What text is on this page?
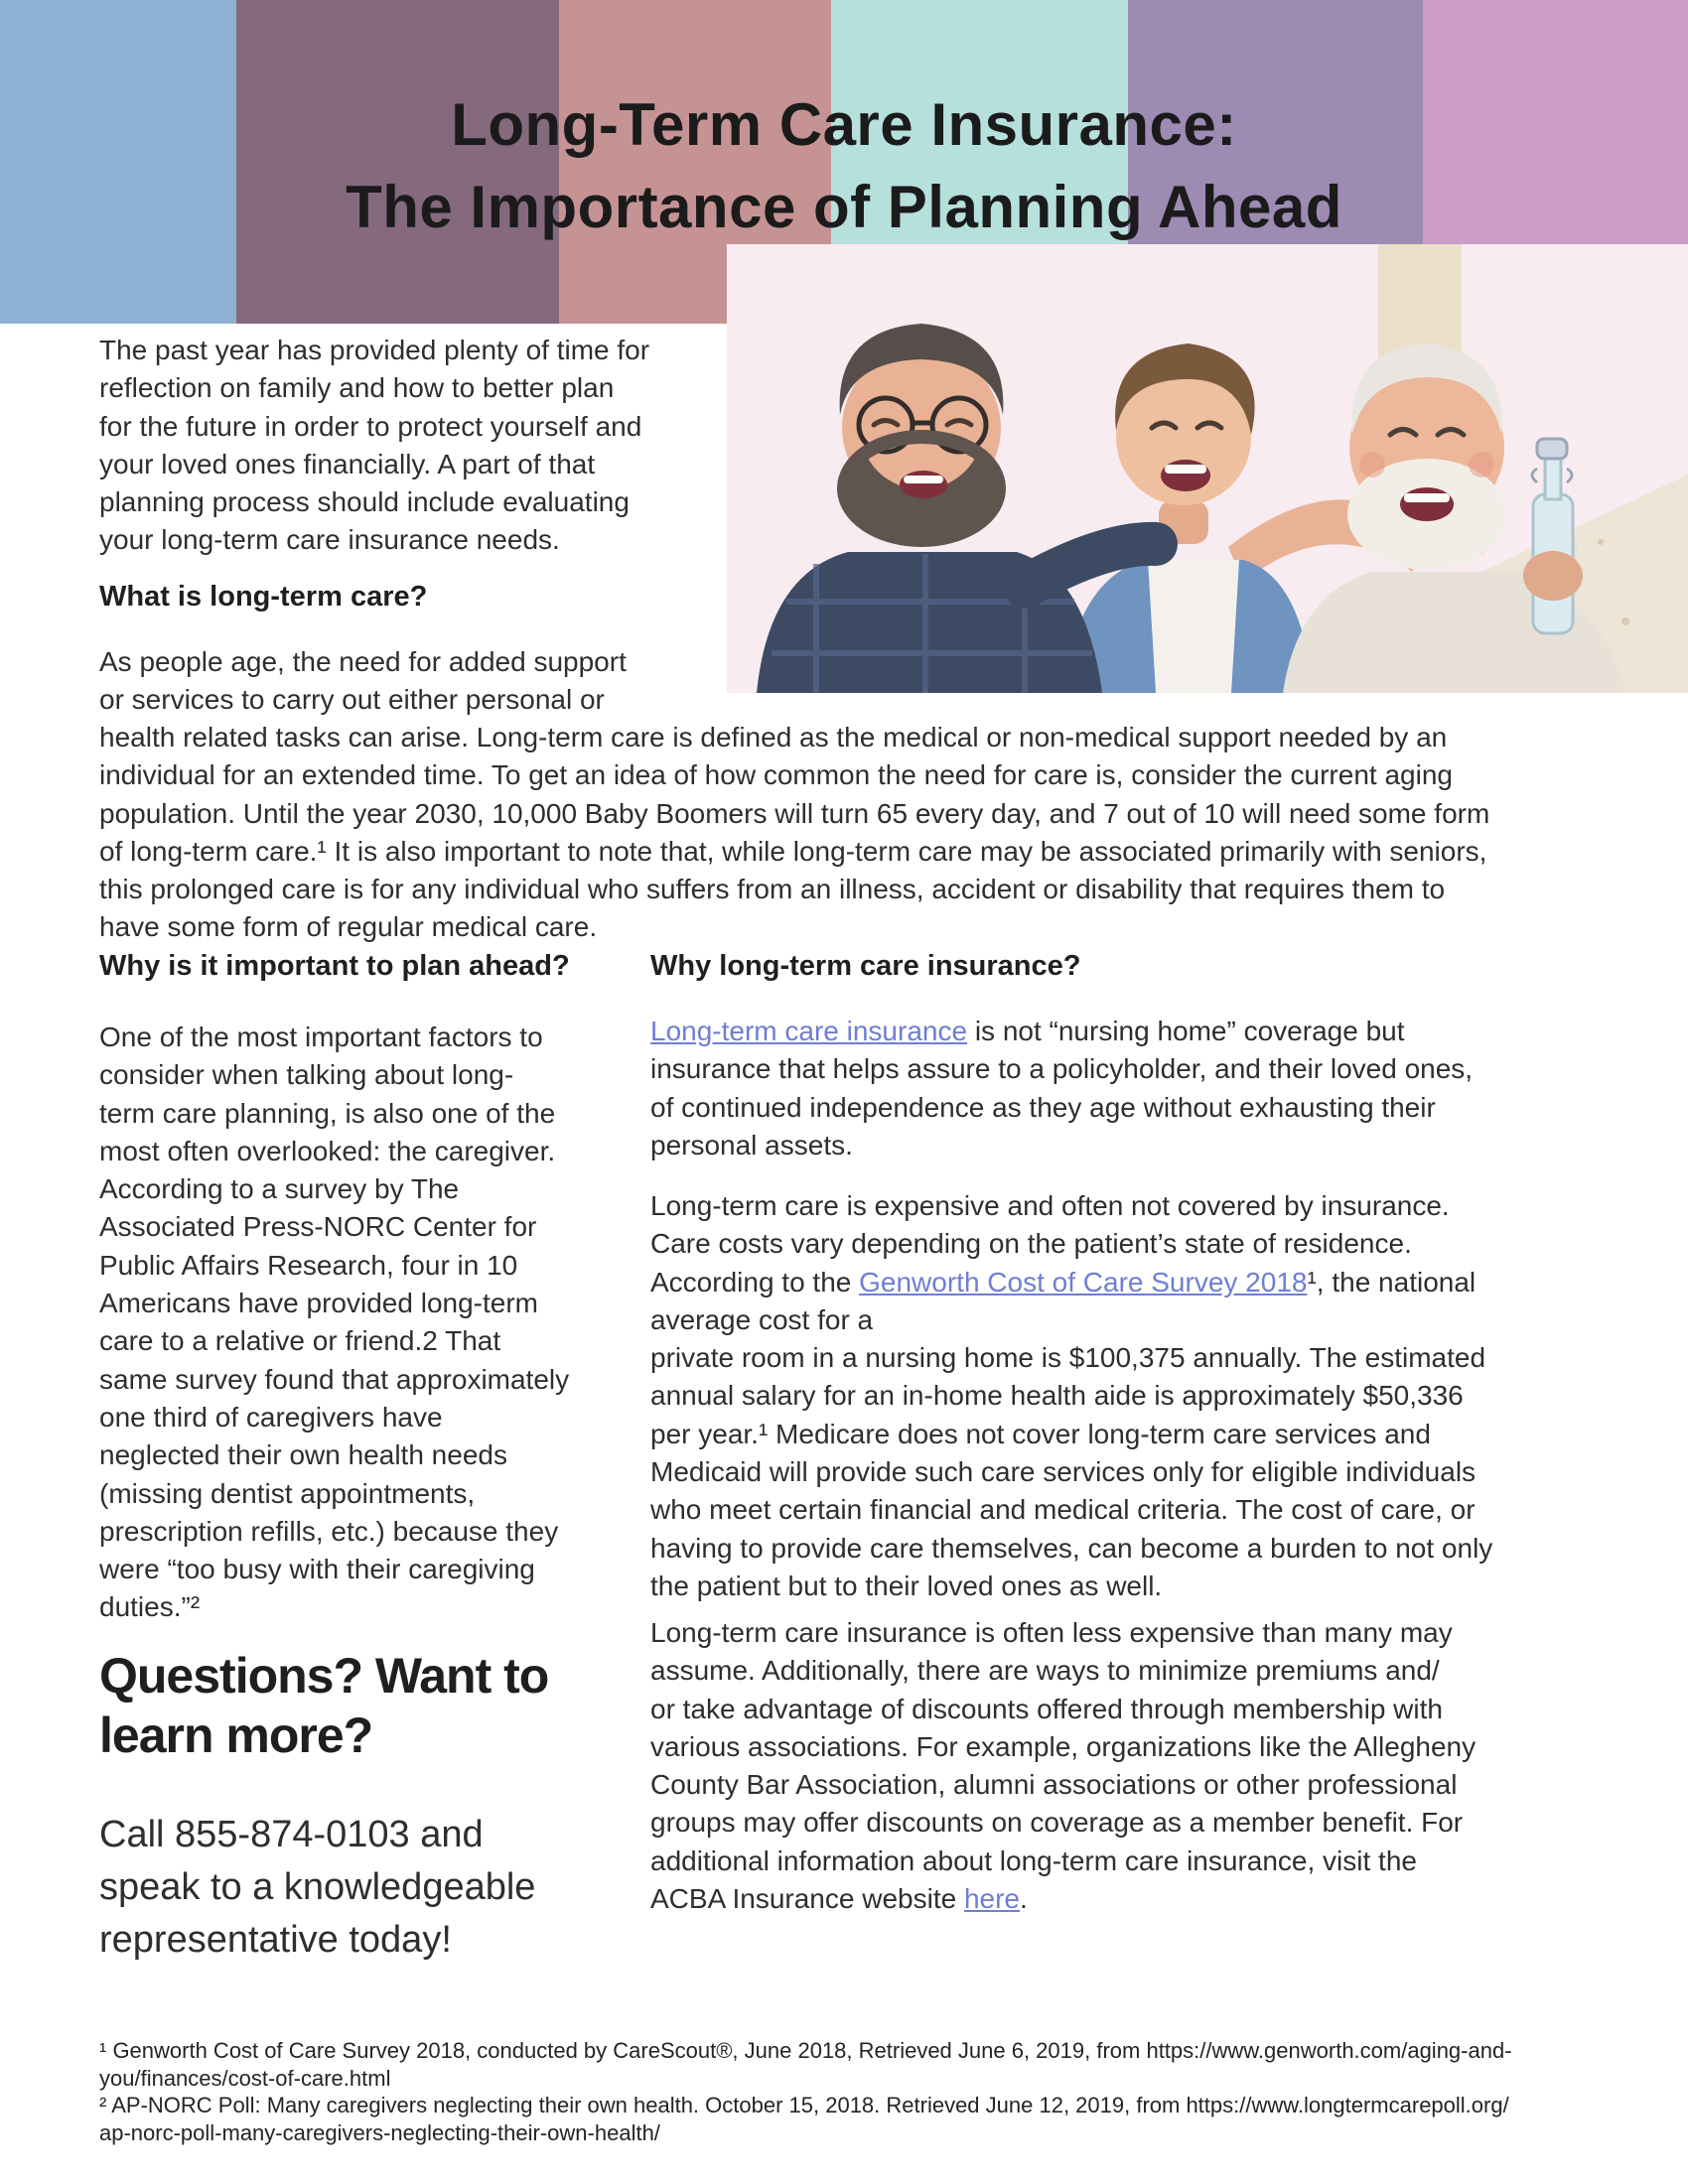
Long-Term Care Insurance:
The Importance of Planning Ahead

The past year has provided plenty of time for
reflection on family and how to better plan
for the future in order to protect yourself and
your loved ones financially. A part of that
planning process should include evaluating
your long-term care insurance needs.

What is long-term care?

As people age, the need for added support
or services to carry out either personal or

health related tasks can arise. Long-term care is defined as the medical or non-medical support needed by an
individual for an extended time. To get an idea of how common the need for care is, consider the current aging
population. Until the year 2030, 10,000 Baby Boomers will turn 65 every day, and 7 out of 10 will need some form
of long-term care.¹ It is also important to note that, while long-term care may be associated primarily with seniors,
this prolonged care is for any individual who suffers from an illness, accident or disability that requires them to
have some form of regular medical care.

Why is it important to plan ahead?

One of the most important factors to
consider when talking about long-
term care planning, is also one of the
most often overlooked: the caregiver.
According to a survey by The
Associated Press-NORC Center for
Public Affairs Research, four in 10
Americans have provided long-term
care to a relative or friend.2 That
same survey found that approximately
one third of caregivers have
neglected their own health needs
(missing dentist appointments,
prescription refills, etc.) because they
were “too busy with their caregiving
duties.”²

Questions? Want to
learn more?

Call 855-874-0103 and
speak to a knowledgeable
representative today!

Why long-term care insurance?

Long-term care insurance is not “nursing home” coverage but
insurance that helps assure to a policyholder, and their loved ones,
of continued independence as they age without exhausting their
personal assets.

Long-term care is expensive and often not covered by insurance.
Care costs vary depending on the patient’s state of residence.
According to the Genworth Cost of Care Survey 2018¹, the national
average cost for a
private room in a nursing home is $100,375 annually. The estimated
annual salary for an in-home health aide is approximately $50,336
per year.¹ Medicare does not cover long-term care services and
Medicaid will provide such care services only for eligible individuals
who meet certain financial and medical criteria. The cost of care, or
having to provide care themselves, can become a burden to not only
the patient but to their loved ones as well.

Long-term care insurance is often less expensive than many may
assume. Additionally, there are ways to minimize premiums and/
or take advantage of discounts offered through membership with
various associations. For example, organizations like the Allegheny
County Bar Association, alumni associations or other professional
groups may offer discounts on coverage as a member benefit. For
additional information about long-term care insurance, visit the
ACBA Insurance website here.

¹ Genworth Cost of Care Survey 2018, conducted by CareScout®, June 2018, Retrieved June 6, 2019, from https://www.genworth.com/aging-and-
you/finances/cost-of-care.html

² AP-NORC Poll: Many caregivers neglecting their own health. October 15, 2018. Retrieved June 12, 2019, from https://www.longtermcarepoll.org/
ap-norc-poll-many-caregivers-neglecting-their-own-health/
